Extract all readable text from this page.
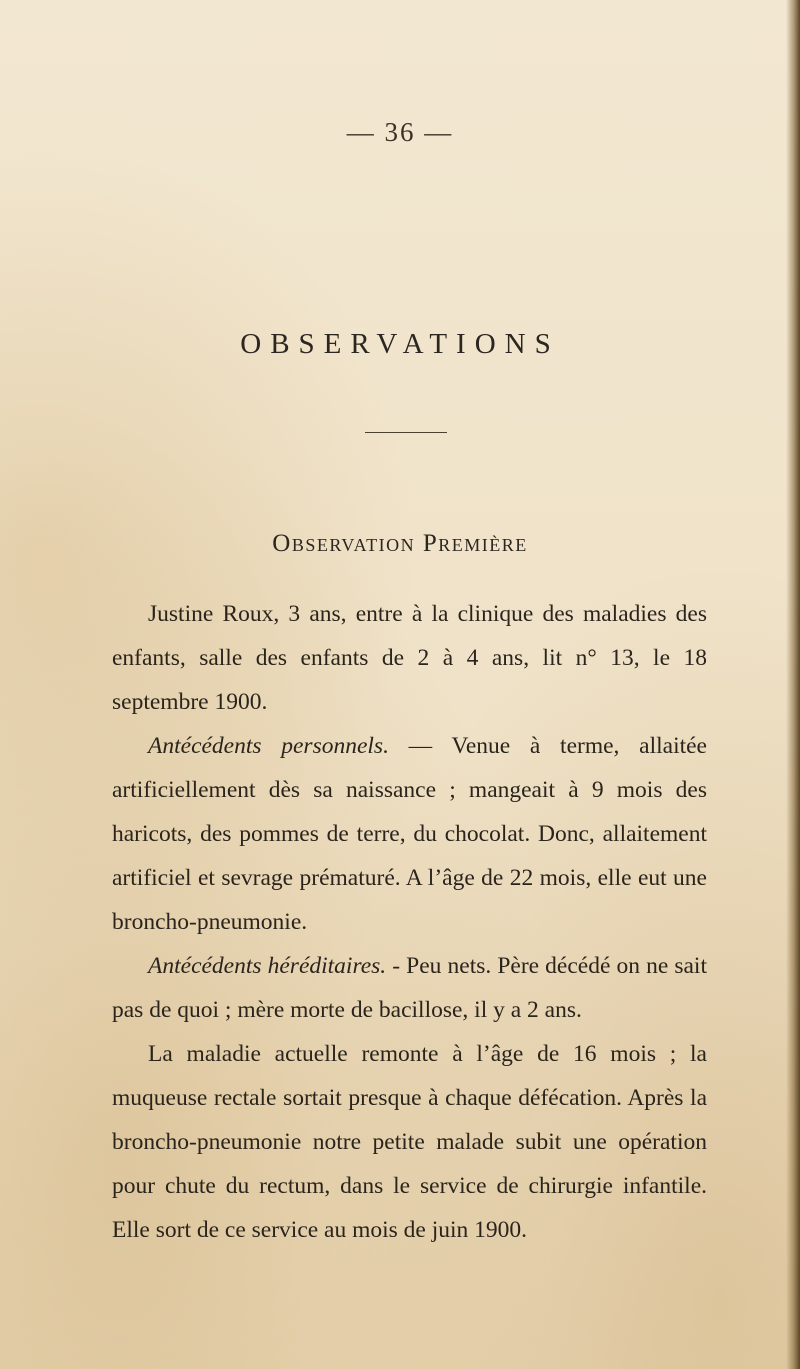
— 36 —
OBSERVATIONS
Observation Première

Justine Roux, 3 ans, entre à la clinique des maladies des enfants, salle des enfants de 2 à 4 ans, lit n° 13, le 18 septembre 1900.

Antécédents personnels. — Venue à terme, allaitée artificiellement dès sa naissance ; mangeait à 9 mois des haricots, des pommes de terre, du chocolat. Donc, allaitement artificiel et sevrage prématuré. A l’âge de 22 mois, elle eut une broncho-pneumonie.

Antécédents héréditaires. - Peu nets. Père décédé on ne sait pas de quoi ; mère morte de bacillose, il y a 2 ans.

La maladie actuelle remonte à l’âge de 16 mois ; la muqueuse rectale sortait presque à chaque défécation. Après la broncho-pneumonie notre petite malade subit une opération pour chute du rectum, dans le service de chirurgie infantile. Elle sort de ce service au mois de juin 1900.
